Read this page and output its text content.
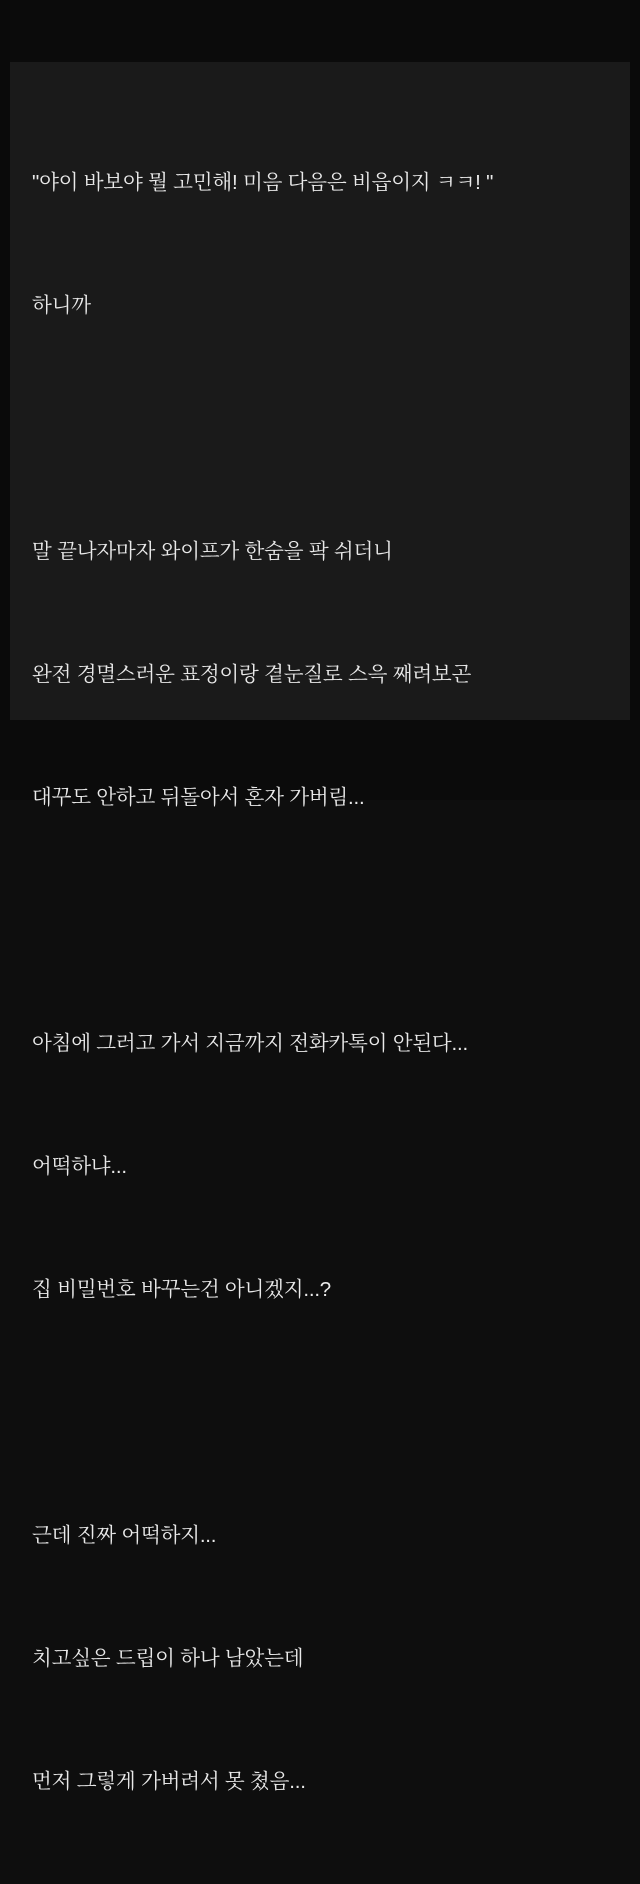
"야이 바보야 뭘 고민해! 미음 다음은 비읍이지 ㅋㅋ! "

하니까

말 끝나자마자 와이프가 한숨을 팍 쉬더니

완전 경멸스러운 표정이랑 곁눈질로 스윽 째려보곤

대꾸도 안하고 뒤돌아서 혼자 가버림...

아침에 그러고 가서 지금까지 전화카톡이 안된다...

어떡하냐...

집 비밀번호 바꾸는건 아니겠지...?

근데 진짜 어떡하지...

치고싶은 드립이 하나 남았는데

먼저 그렇게 가버려서 못 쳤음...
